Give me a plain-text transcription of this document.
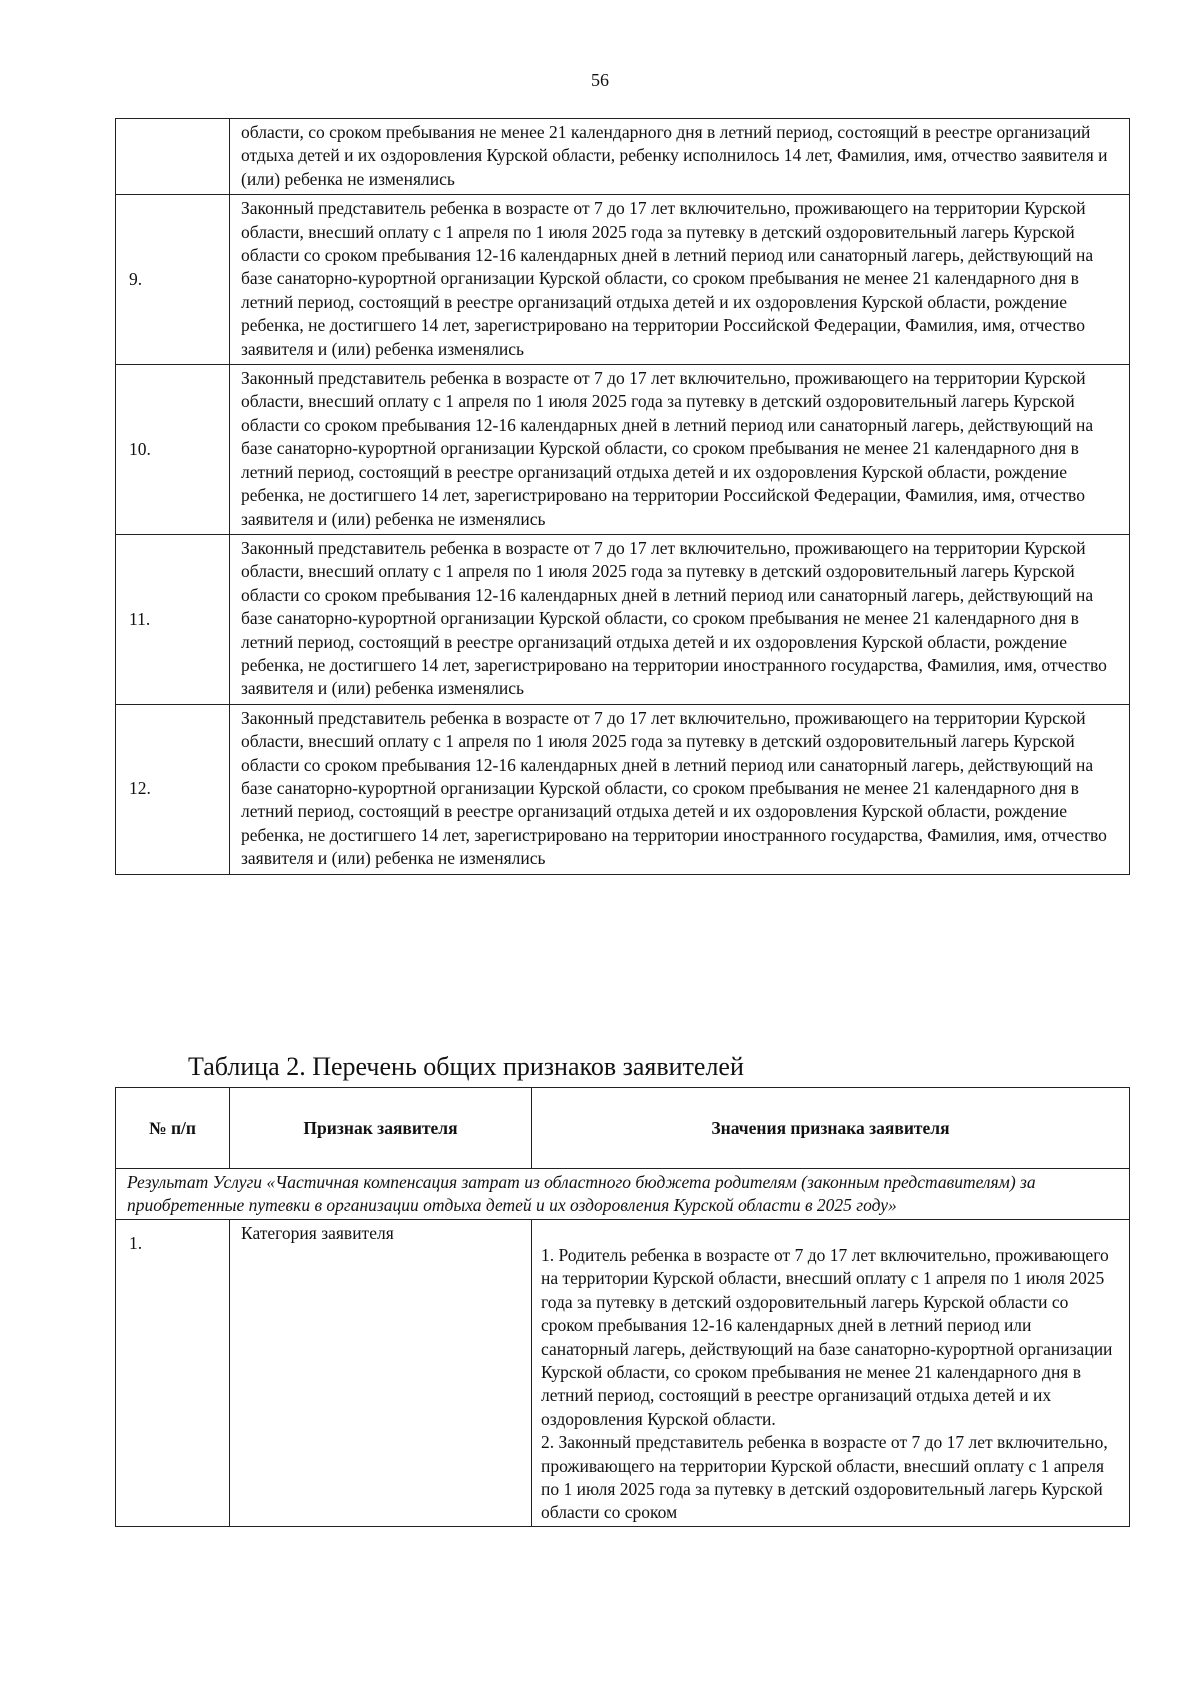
56
	области, со сроком пребывания не менее 21 календарного дня в летний период, состоящий в реестре организаций отдыха детей и их оздоровления Курской области, ребенку исполнилось 14 лет, Фамилия, имя, отчество заявителя и (или) ребенка не изменялись
9.	Законный представитель ребенка в возрасте от 7 до 17 лет включительно, проживающего на территории Курской области, внесший оплату с 1 апреля по 1 июля 2025 года за путевку в детский оздоровительный лагерь Курской области со сроком пребывания 12-16 календарных дней в летний период или санаторный лагерь, действующий на базе санаторно-курортной организации Курской области, со сроком пребывания не менее 21 календарного дня в летний период, состоящий в реестре организаций отдыха детей и их оздоровления Курской области, рождение ребенка, не достигшего 14 лет, зарегистрировано на территории Российской Федерации, Фамилия, имя, отчество заявителя и (или) ребенка изменялись
10.	Законный представитель ребенка в возрасте от 7 до 17 лет включительно, проживающего на территории Курской области, внесший оплату с 1 апреля по 1 июля 2025 года за путевку в детский оздоровительный лагерь Курской области со сроком пребывания 12-16 календарных дней в летний период или санаторный лагерь, действующий на базе санаторно-курортной организации Курской области, со сроком пребывания не менее 21 календарного дня в летний период, состоящий в реестре организаций отдыха детей и их оздоровления Курской области, рождение ребенка, не достигшего 14 лет, зарегистрировано на территории Российской Федерации, Фамилия, имя, отчество заявителя и (или) ребенка не изменялись
11.	Законный представитель ребенка в возрасте от 7 до 17 лет включительно, проживающего на территории Курской области, внесший оплату с 1 апреля по 1 июля 2025 года за путевку в детский оздоровительный лагерь Курской области со сроком пребывания 12-16 календарных дней в летний период или санаторный лагерь, действующий на базе санаторно-курортной организации Курской области, со сроком пребывания не менее 21 календарного дня в летний период, состоящий в реестре организаций отдыха детей и их оздоровления Курской области, рождение ребенка, не достигшего 14 лет, зарегистрировано на территории иностранного государства, Фамилия, имя, отчество заявителя и (или) ребенка изменялись
12.	Законный представитель ребенка в возрасте от 7 до 17 лет включительно, проживающего на территории Курской области, внесший оплату с 1 апреля по 1 июля 2025 года за путевку в детский оздоровительный лагерь Курской области со сроком пребывания 12-16 календарных дней в летний период или санаторный лагерь, действующий на базе санаторно-курортной организации Курской области, со сроком пребывания не менее 21 календарного дня в летний период, состоящий в реестре организаций отдыха детей и их оздоровления Курской области, рождение ребенка, не достигшего 14 лет, зарегистрировано на территории иностранного государства, Фамилия, имя, отчество заявителя и (или) ребенка не изменялись
Таблица 2. Перечень общих признаков заявителей
№ п/п	Признак заявителя	Значения признака заявителя
Результат Услуги «Частичная компенсация затрат из областного бюджета родителям (законным представителям) за приобретенные путевки в организации отдыха детей и их оздоровления Курской области в 2025 году»		
1.	Категория заявителя	1. Родитель ребенка в возрасте от 7 до 17 лет включительно, проживающего на территории Курской области, внесший оплату с 1 апреля по 1 июля 2025 года за путевку в детский оздоровительный лагерь Курской области со сроком пребывания 12-16 календарных дней в летний период или санаторный лагерь, действующий на базе санаторно-курортной организации Курской области, со сроком пребывания не менее 21 календарного дня в летний период, состоящий в реестре организаций отдыха детей и их оздоровления Курской области.
2. Законный представитель ребенка в возрасте от 7 до 17 лет включительно, проживающего на территории Курской области, внесший оплату с 1 апреля по 1 июля 2025 года за путевку в детский оздоровительный лагерь Курской области со сроком
